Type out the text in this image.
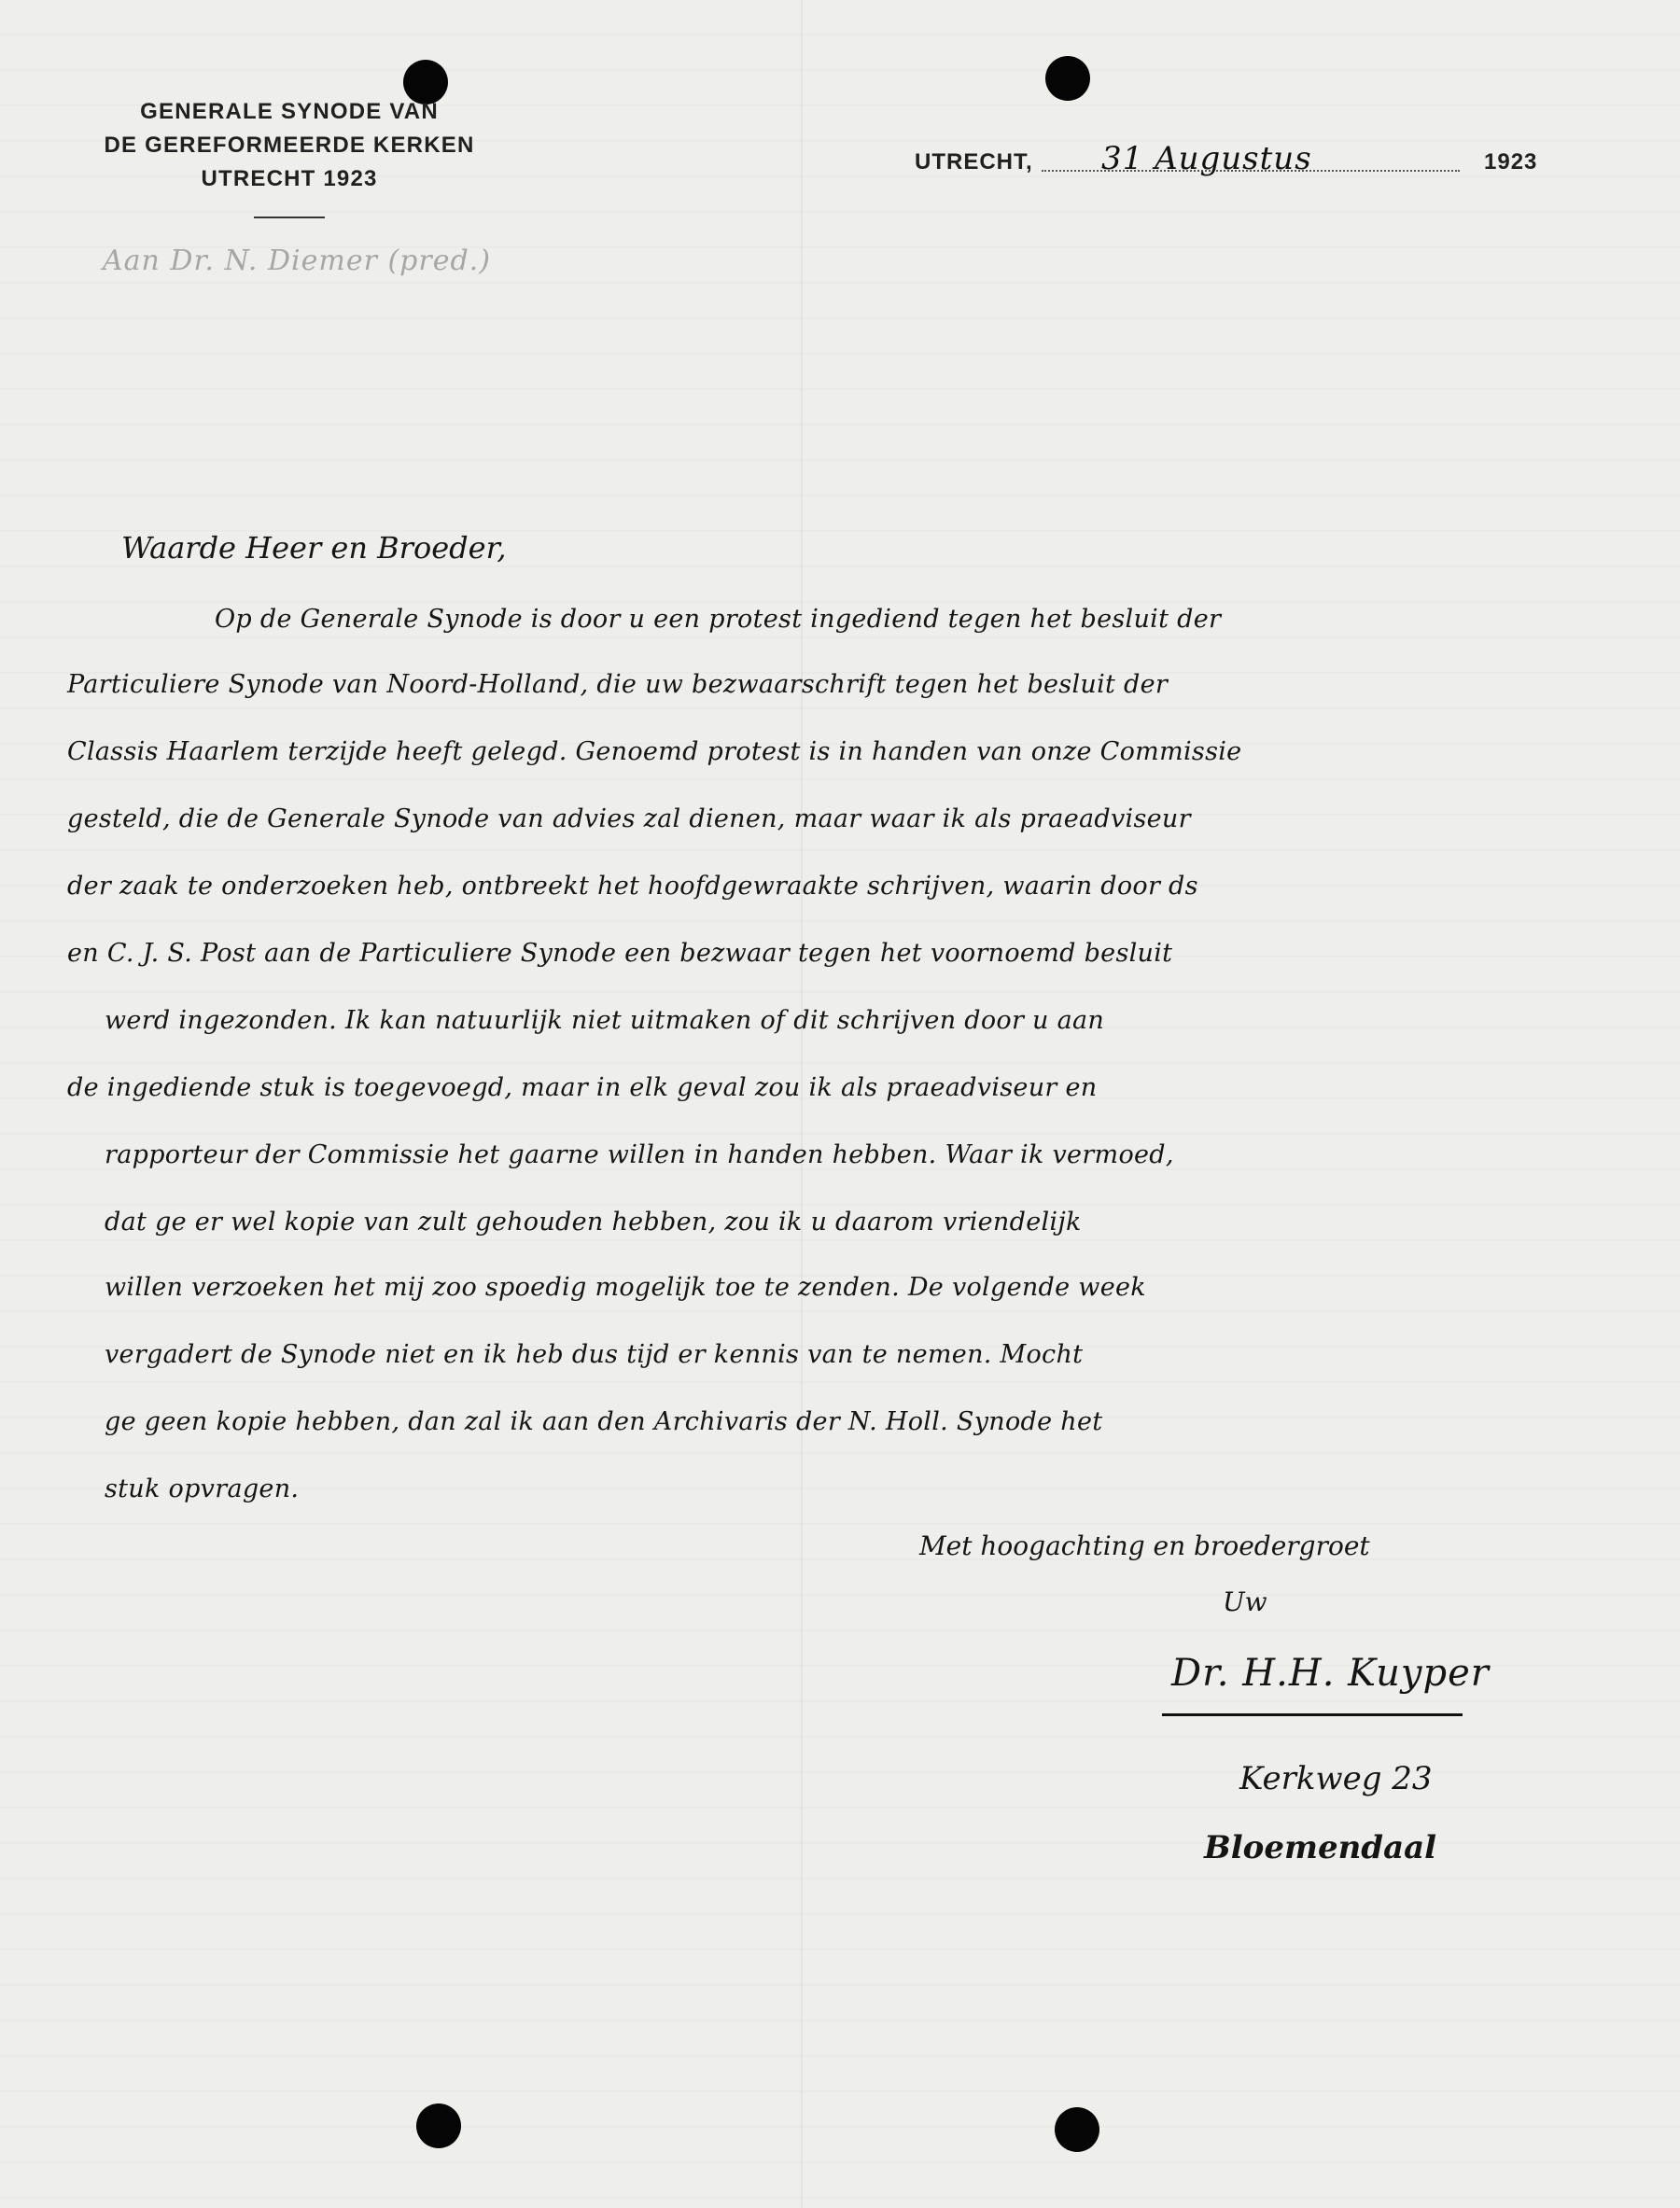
GENERALE SYNODE VAN
DE GEREFORMEERDE KERKEN
UTRECHT 1923
UTRECHT, 31 Augustus	1923
Aan Dr. N. Diemer (pred.)
Waarde Heer en Broeder,
Op de Generale Synode is door u een protest ingediend tegen het besluit der
Particuliere Synode van Noord-Holland, die uw bezwaarschrift tegen het besluit der
Classis Haarlem terzijde heeft gelegd. Genoemd protest is in handen van onze Commissie
gesteld, die de Generale Synode van advies zal dienen, maar waar ik als praeadviseur
der zaak te onderzoeken heb, ontbreekt het hoofdgewraakte schrijven, waarin door ds
en C. J. S. Post aan de Particuliere Synode een bezwaar tegen het voornoemd besluit
werd ingezonden. Ik kan natuurlijk niet uitmaken of dit schrijven door u aan
de ingediende stuk is toegevoegd, maar in elk geval zou ik als praeadviseur en
rapporteur der Commissie het gaarne willen in handen hebben. Waar ik vermoed,
dat ge er wel kopie van zult gehouden hebben, zou ik u daarom vriendelijk
willen verzoeken het mij zoo spoedig mogelijk toe te zenden. De volgende week
vergadert de Synode niet en ik heb dus tijd er kennis van te nemen. Mocht
ge geen kopie hebben, dan zal ik aan den Archivaris der N. Holl. Synode het
stuk opvragen.
Met hoogachting en broedergroet
Uw
Dr. H.H. Kuyper
Kerkweg 23
Bloemendaal
